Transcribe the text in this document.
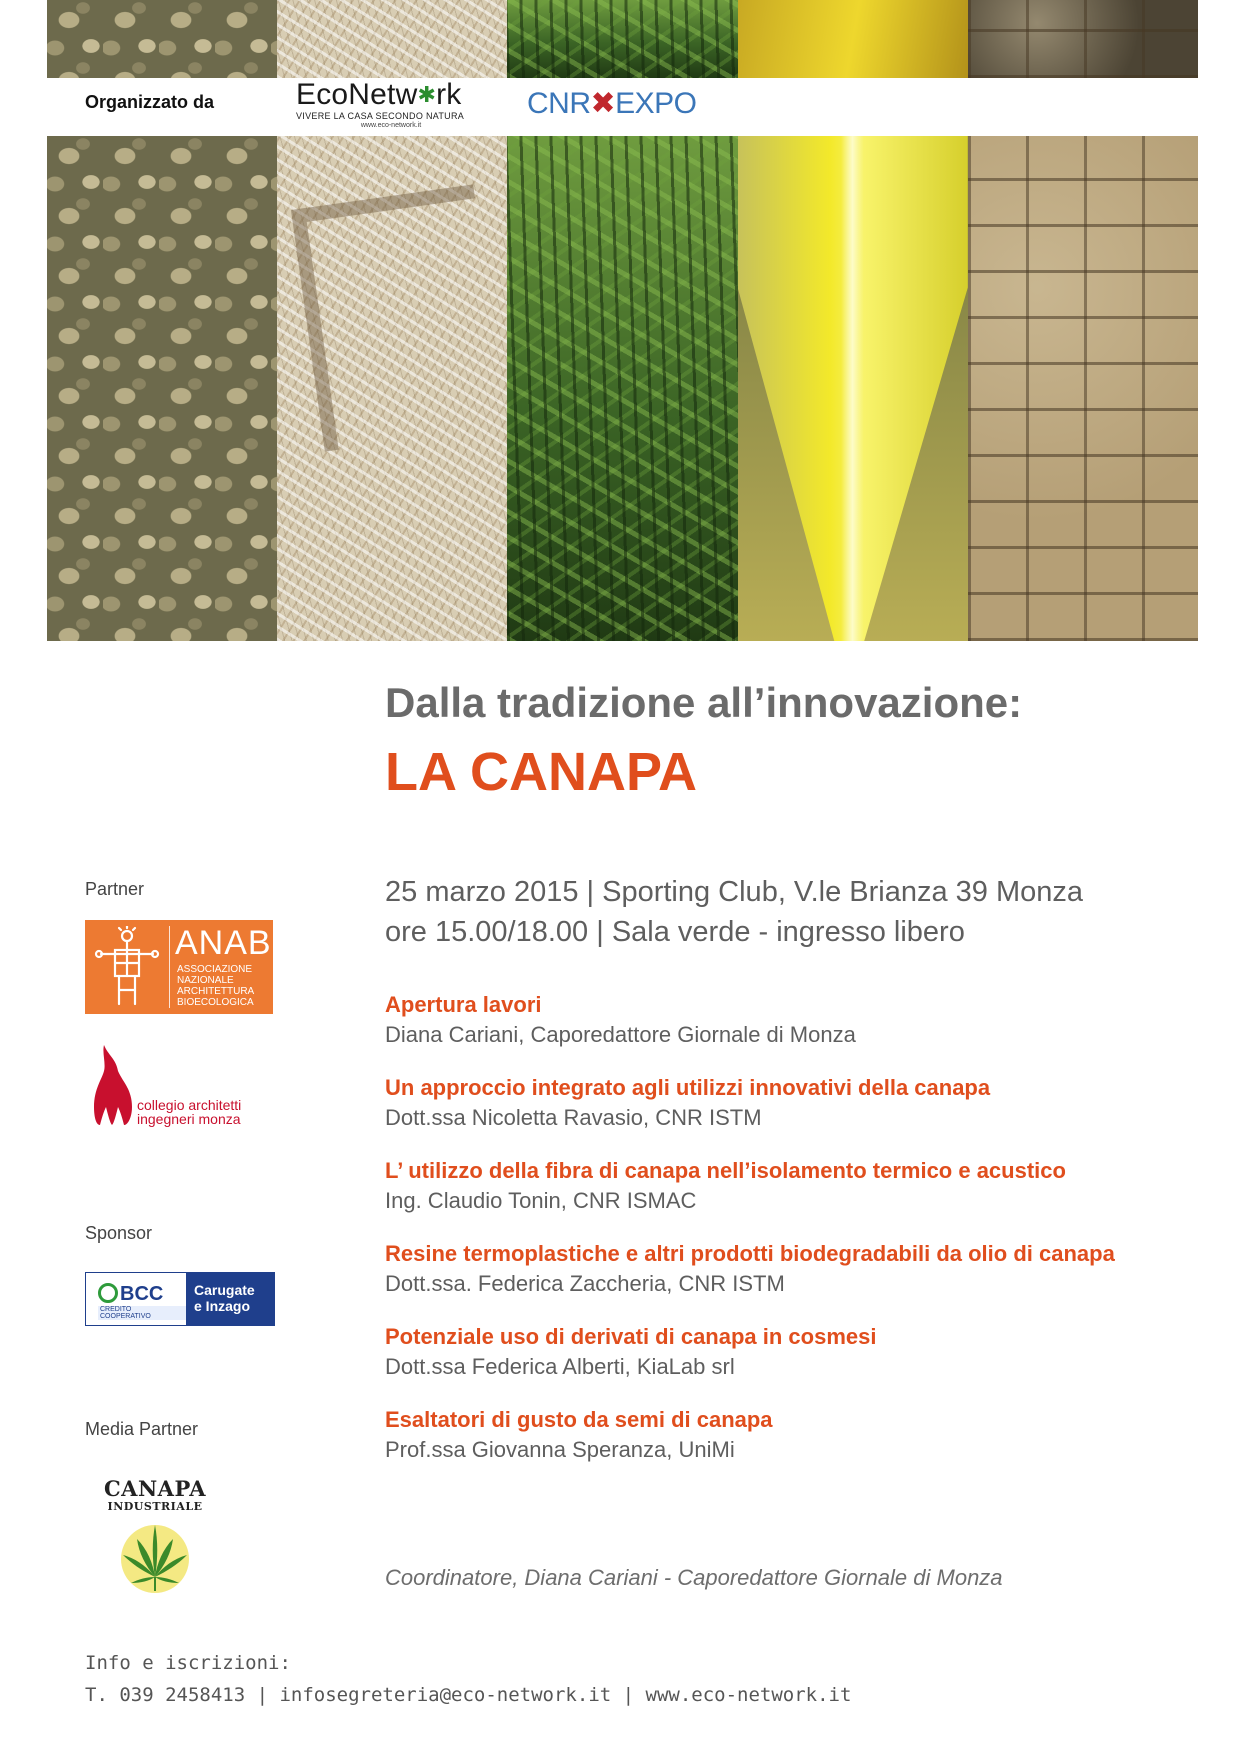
Organizzato da	EcoNetw✱rk
VIVERE LA CASA SECONDO NATURA
www.eco-network.it
CNR✖EXPO
Dalla tradizione all’innovazione:
LA CANAPA
Partner
ANAB
ASSOCIAZIONE
NAZIONALE
ARCHITETTURA
BIOECOLOGICA
collegio architetti
ingegneri monza
Sponsor
BCC
CREDITO COOPERATIVO
Carugate
e Inzago
Media Partner
CANAPA
INDUSTRIALE
25 marzo 2015 | Sporting Club, V.le Brianza 39 Monza
ore 15.00/18.00 | Sala verde - ingresso libero
Apertura lavori
Diana Cariani, Caporedattore Giornale di Monza
Un approccio integrato agli utilizzi innovativi della canapa
Dott.ssa Nicoletta Ravasio, CNR ISTM
L’ utilizzo della fibra di canapa nell’isolamento termico e acustico
Ing. Claudio Tonin, CNR ISMAC
Resine termoplastiche e altri prodotti biodegradabili da olio di canapa
Dott.ssa. Federica Zaccheria, CNR ISTM
Potenziale uso di derivati di canapa in cosmesi
Dott.ssa Federica Alberti, KiaLab srl
Esaltatori di gusto da semi di canapa
Prof.ssa Giovanna Speranza, UniMi
Coordinatore, Diana Cariani - Caporedattore Giornale di Monza
Info e iscrizioni:
T. 039 2458413 | infosegreteria@eco-network.it | www.eco-network.it
